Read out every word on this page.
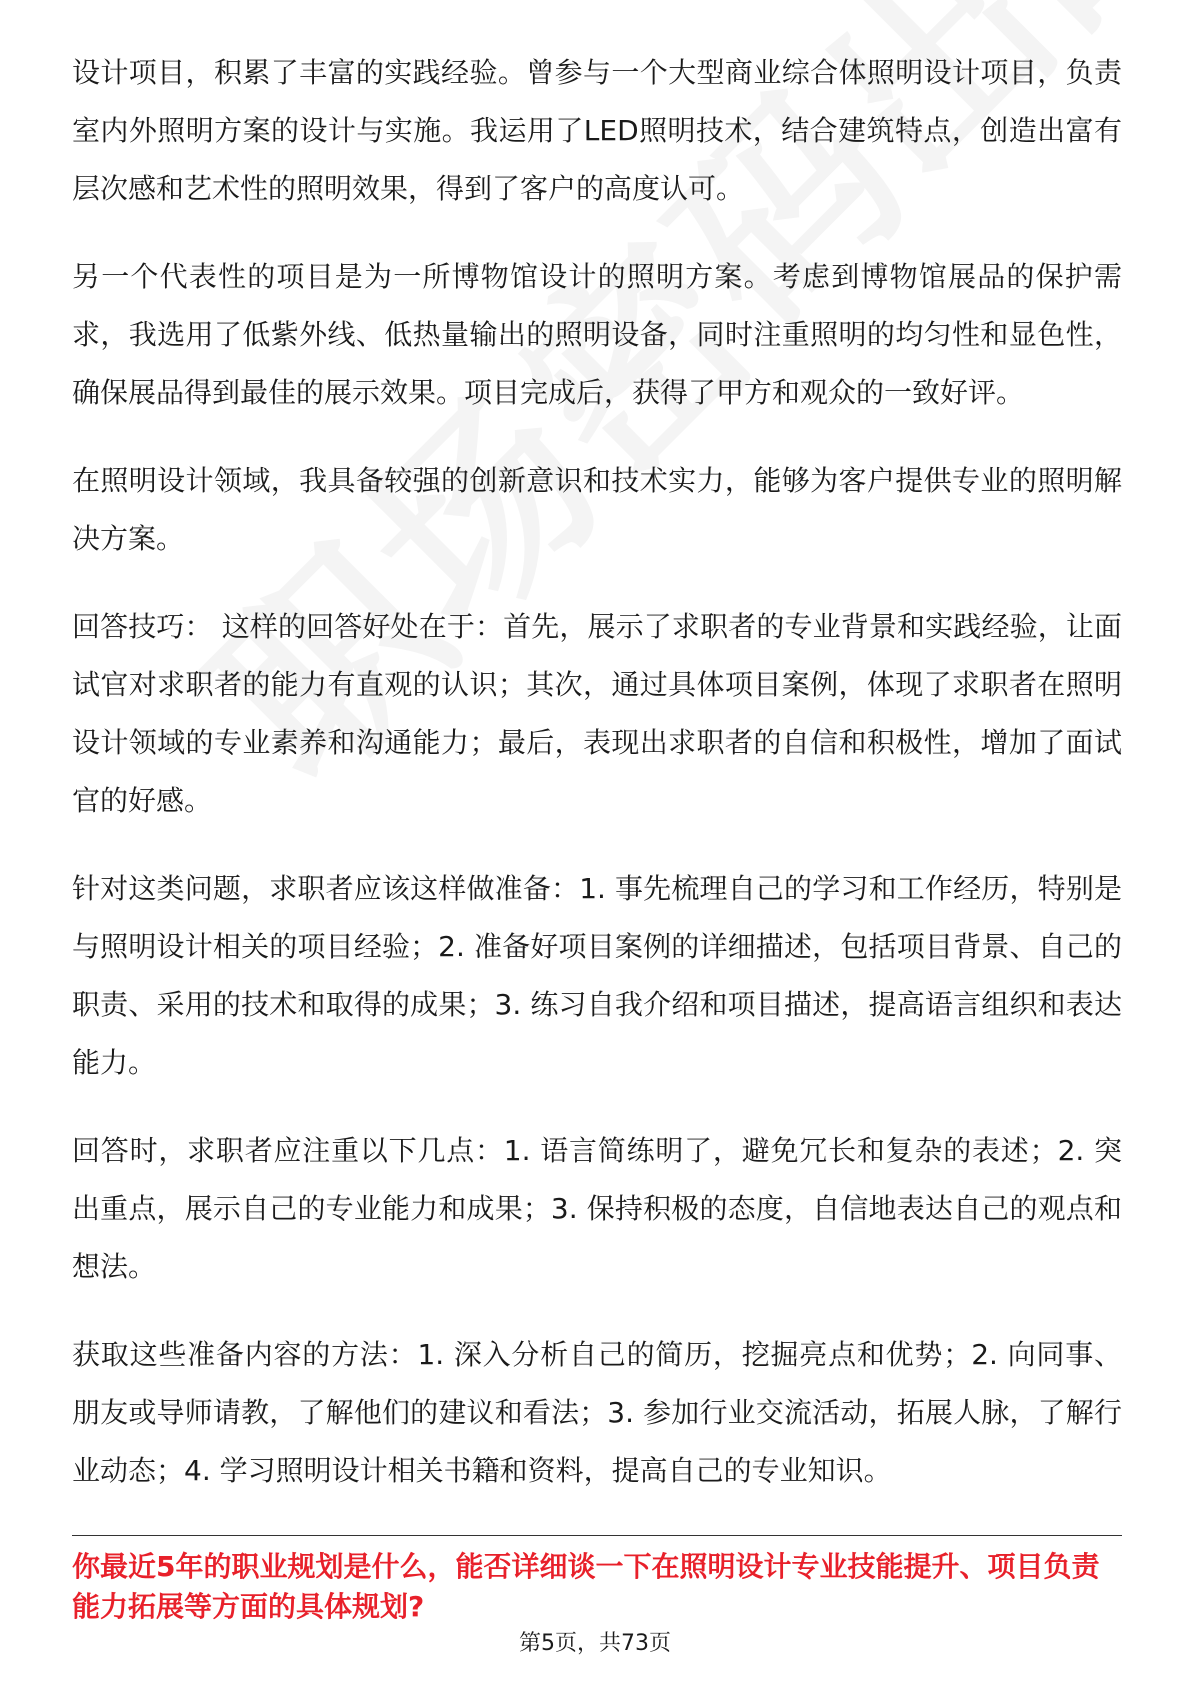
设计项目，积累了丰富的实践经验。曾参与一个大型商业综合体照明设计项目，负责室内外照明方案的设计与实施。我运用了LED照明技术，结合建筑特点，创造出富有层次感和艺术性的照明效果，得到了客户的高度认可。

另一个代表性的项目是为一所博物馆设计的照明方案。考虑到博物馆展品的保护需求，我选用了低紫外线、低热量输出的照明设备，同时注重照明的均匀性和显色性，确保展品得到最佳的展示效果。项目完成后，获得了甲方和观众的一致好评。

在照明设计领域，我具备较强的创新意识和技术实力，能够为客户提供专业的照明解决方案。

回答技巧： 这样的回答好处在于：首先，展示了求职者的专业背景和实践经验，让面试官对求职者的能力有直观的认识；其次，通过具体项目案例，体现了求职者在照明设计领域的专业素养和沟通能力；最后，表现出求职者的自信和积极性，增加了面试官的好感。

针对这类问题，求职者应该这样做准备：1. 事先梳理自己的学习和工作经历，特别是与照明设计相关的项目经验；2. 准备好项目案例的详细描述，包括项目背景、自己的职责、采用的技术和取得的成果；3. 练习自我介绍和项目描述，提高语言组织和表达能力。

回答时，求职者应注重以下几点：1. 语言简练明了，避免冗长和复杂的表述；2. 突出重点，展示自己的专业能力和成果；3. 保持积极的态度，自信地表达自己的观点和想法。

获取这些准备内容的方法：1. 深入分析自己的简历，挖掘亮点和优势；2. 向同事、朋友或导师请教，了解他们的建议和看法；3. 参加行业交流活动，拓展人脉，了解行业动态；4. 学习照明设计相关书籍和资料，提高自己的专业知识。

你最近5年的职业规划是什么，能否详细谈一下在照明设计专业技能提升、项目负责能力拓展等方面的具体规划?
第5页，共73页
